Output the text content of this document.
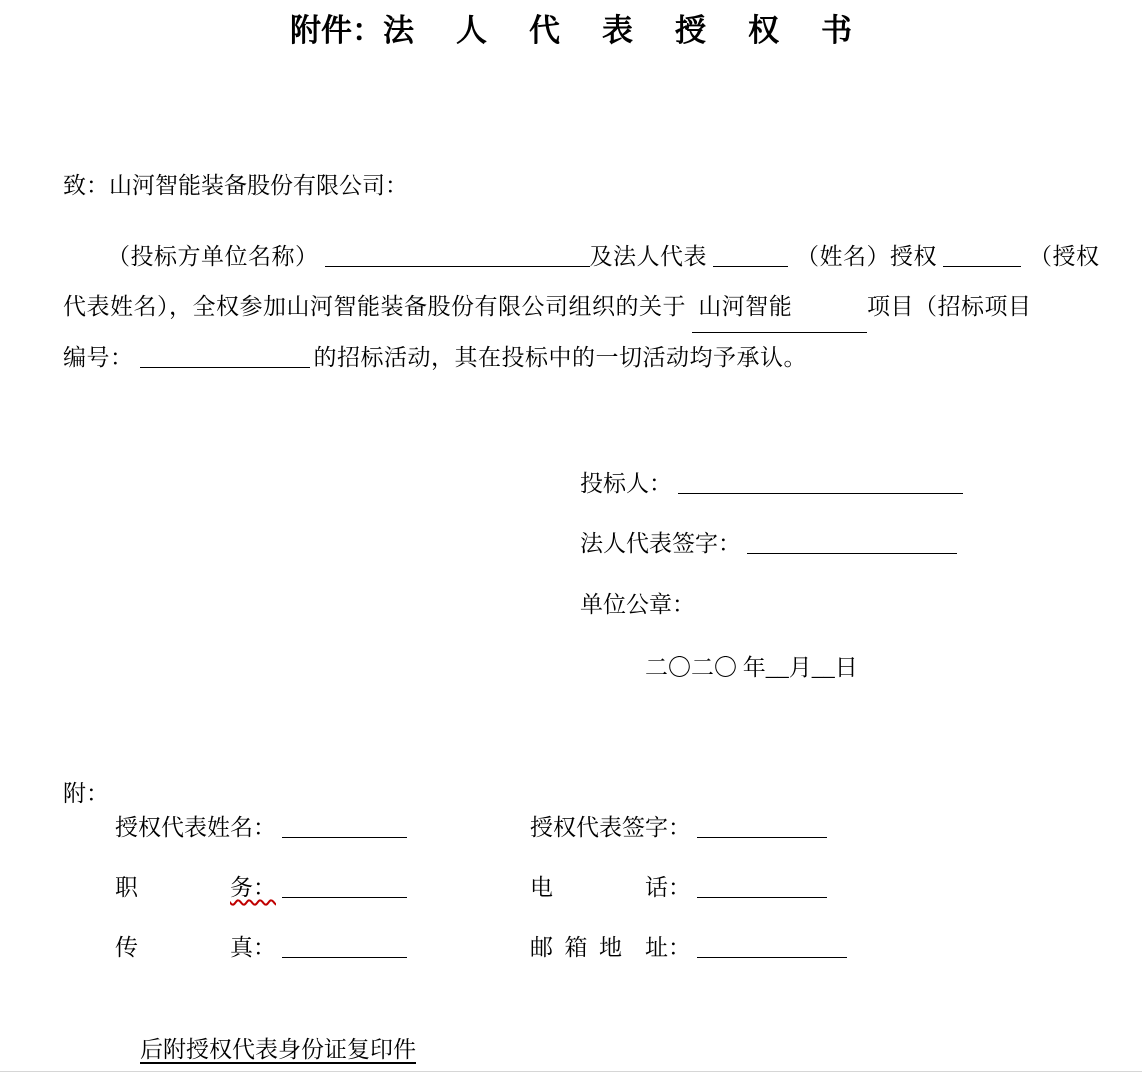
附件：法人代表授权书
致：山河智能装备股份有限公司：
（投标方单位名称）	及法人代表	（姓名）授权	（授权
代表姓名），全权参加山河智能装备股份有限公司组织的关于 山河智能	项目（招标项目
编号：	的招标活动，其在投标中的一切活动均予承认。
投标人：
法人代表签字：
单位公章：
二〇二〇 年__月__日
附：
授权代表姓名：	授权代表签字：
职　　　　务：	电　　　　话：
传　　　　真：	邮  箱  地    址：
后附授权代表身份证复印件
